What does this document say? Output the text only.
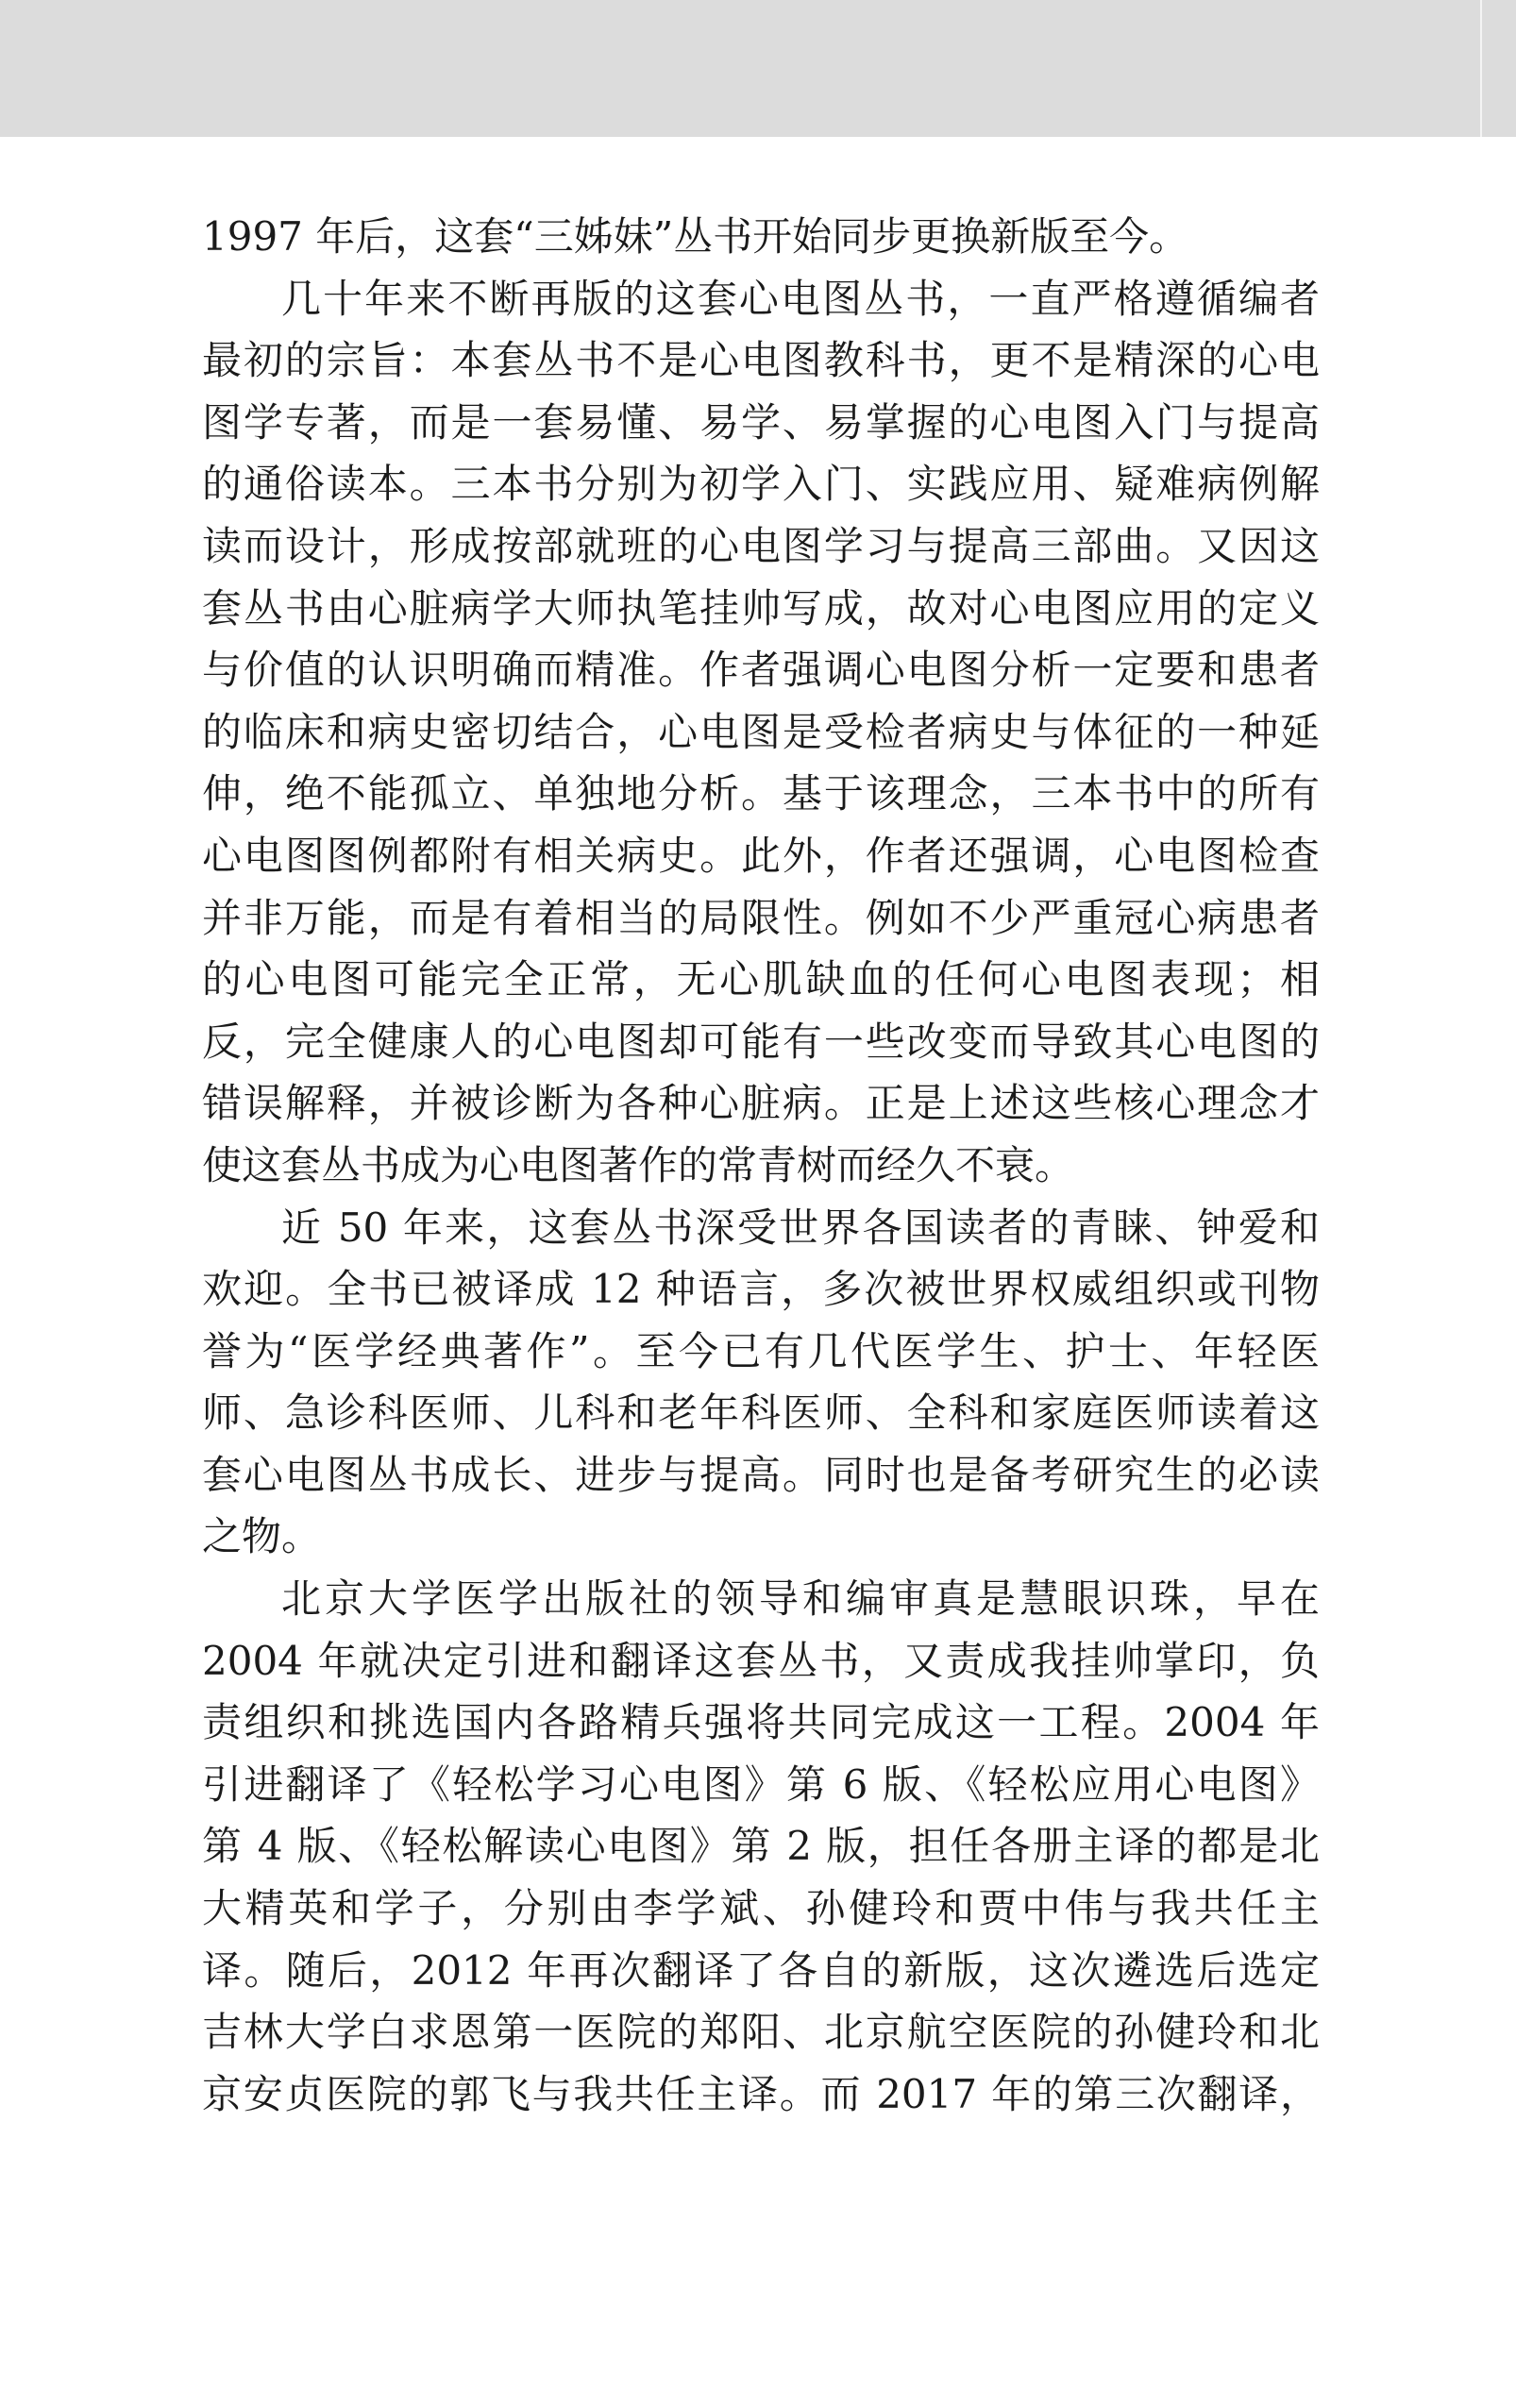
1997 年后，这套“三姊妹”丛书开始同步更换新版至今。
几十年来不断再版的这套心电图丛书，一直严格遵循编者
最初的宗旨：本套丛书不是心电图教科书，更不是精深的心电
图学专著，而是一套易懂、易学、易掌握的心电图入门与提高
的通俗读本。三本书分别为初学入门、实践应用、疑难病例解
读而设计，形成按部就班的心电图学习与提高三部曲。又因这
套丛书由心脏病学大师执笔挂帅写成，故对心电图应用的定义
与价值的认识明确而精准。作者强调心电图分析一定要和患者
的临床和病史密切结合，心电图是受检者病史与体征的一种延
伸，绝不能孤立、单独地分析。基于该理念，三本书中的所有
心电图图例都附有相关病史。此外，作者还强调，心电图检查
并非万能，而是有着相当的局限性。例如不少严重冠心病患者
的心电图可能完全正常，无心肌缺血的任何心电图表现；相
反，完全健康人的心电图却可能有一些改变而导致其心电图的
错误解释，并被诊断为各种心脏病。正是上述这些核心理念才
使这套丛书成为心电图著作的常青树而经久不衰。
近 50 年来，这套丛书深受世界各国读者的青睐、钟爱和
欢迎。全书已被译成 12 种语言，多次被世界权威组织或刊物
誉为“医学经典著作”。至今已有几代医学生、护士、年轻医
师、急诊科医师、儿科和老年科医师、全科和家庭医师读着这
套心电图丛书成长、进步与提高。同时也是备考研究生的必读
之物。
北京大学医学出版社的领导和编审真是慧眼识珠，早在
2004 年就决定引进和翻译这套丛书，又责成我挂帅掌印，负
责组织和挑选国内各路精兵强将共同完成这一工程。2004 年
引进翻译了《轻松学习心电图》第 6 版、《轻松应用心电图》
第 4 版、《轻松解读心电图》第 2 版，担任各册主译的都是北
大精英和学子，分别由李学斌、孙健玲和贾中伟与我共任主
译。随后，2012 年再次翻译了各自的新版，这次遴选后选定
吉林大学白求恩第一医院的郑阳、北京航空医院的孙健玲和北
京安贞医院的郭飞与我共任主译。而 2017 年的第三次翻译，
